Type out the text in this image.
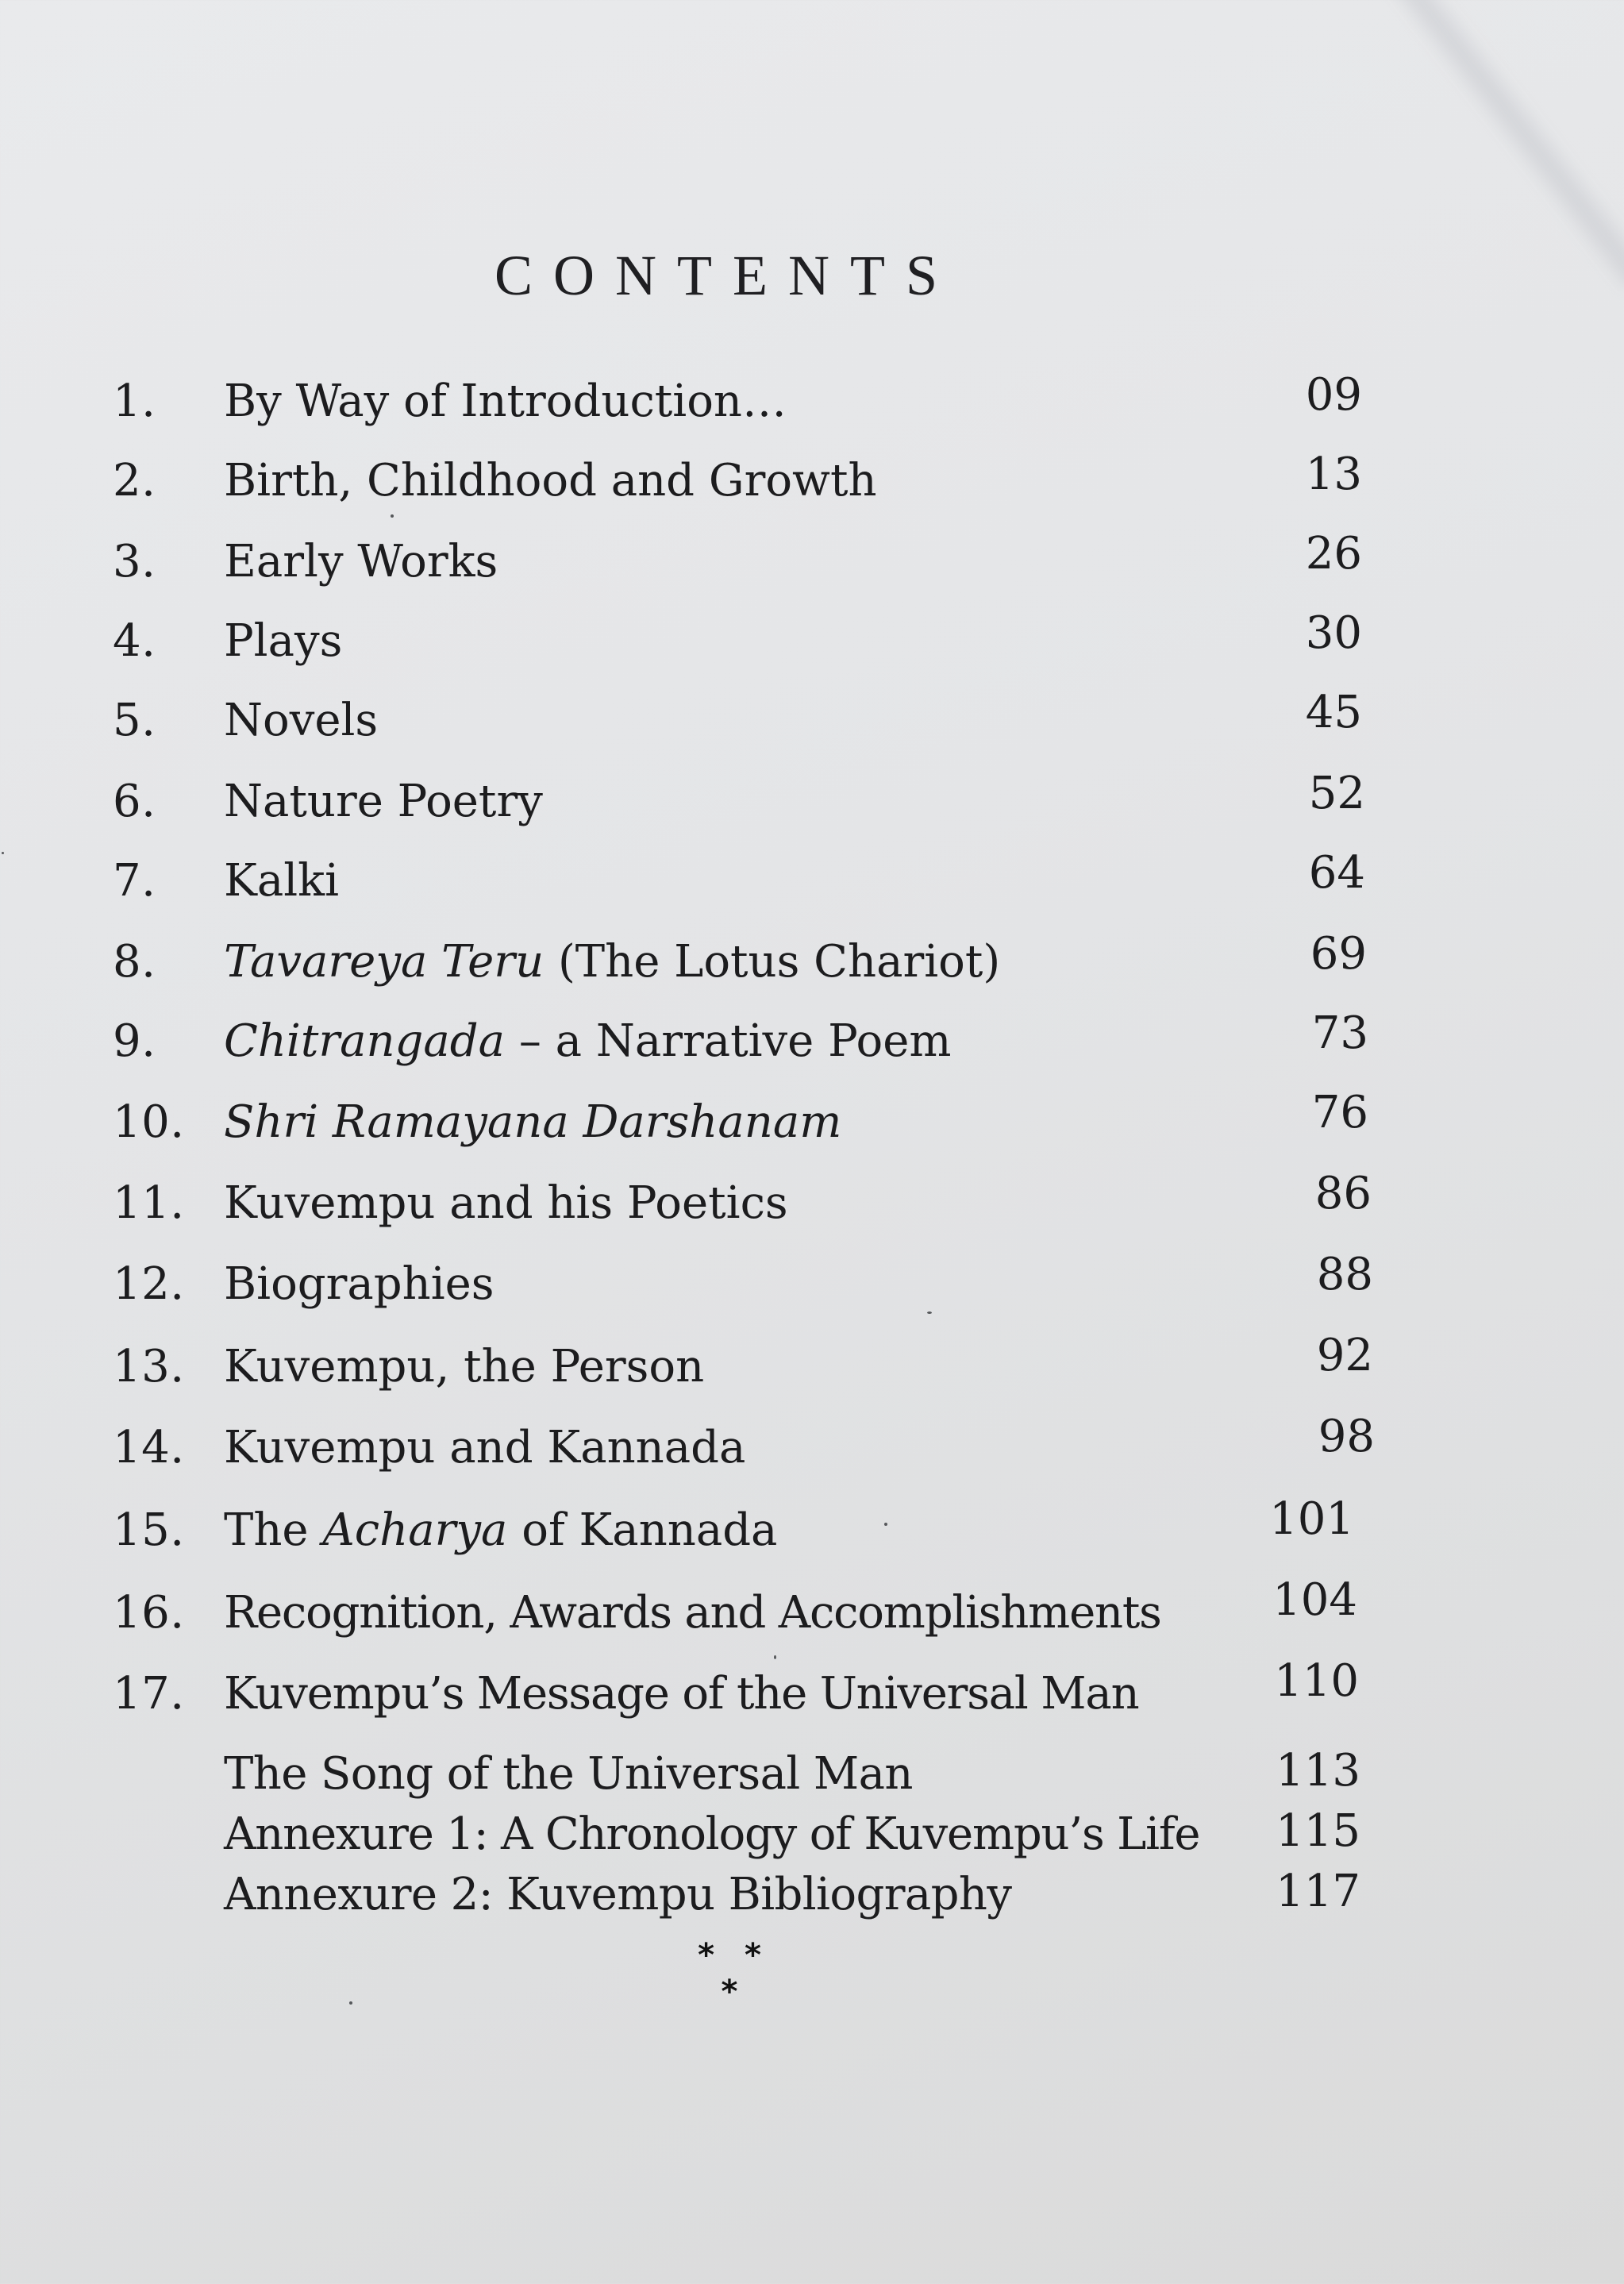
CONTENTS
1. By Way of Introduction…	09
2. Birth, Childhood and Growth	13
3. Early Works	26
4. Plays	30
5. Novels	45
6. Nature Poetry	52
7. Kalki	64
8. Tavareya Teru (The Lotus Chariot)	69
9. Chitrangada – a Narrative Poem	73
10. Shri Ramayana Darshanam	76
11. Kuvempu and his Poetics	86
12. Biographies	88
13. Kuvempu, the Person	92
14. Kuvempu and Kannada	98
15. The Acharya of Kannada	101
16. Recognition, Awards and Accomplishments	104
17. Kuvempu’s Message of the Universal Man	110
The Song of the Universal Man	113
Annexure 1: A Chronology of Kuvempu’s Life 115
Annexure 2: Kuvempu Bibliography	117
* * *
